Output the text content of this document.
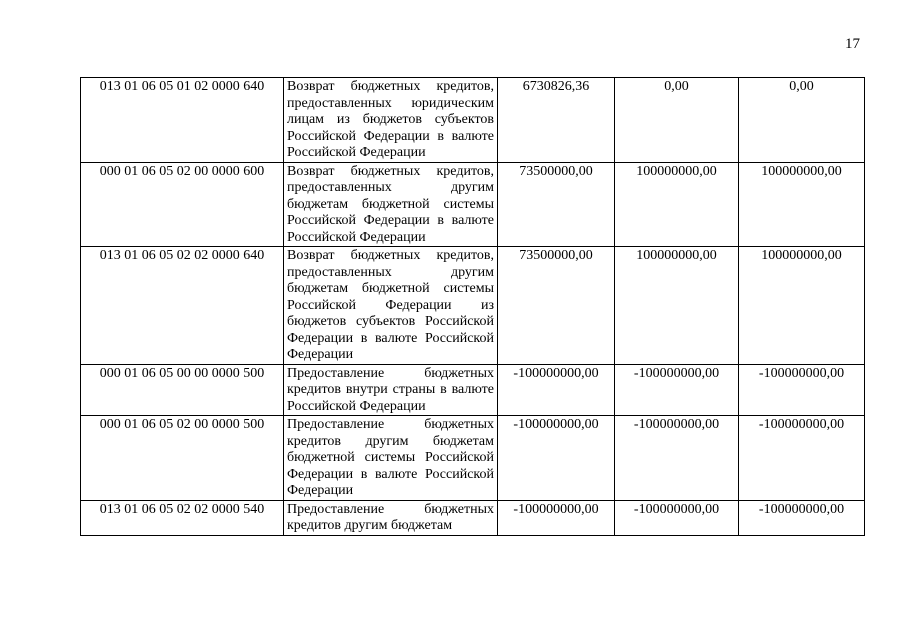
17
013 01 06 05 01 02 0000 640	Возврат бюджетных кредитов, предоставленных юридическим лицам из бюджетов субъектов Российской Федерации в валюте Российской Федерации	6730826,36	0,00	0,00
000 01 06 05 02 00 0000 600	Возврат бюджетных кредитов, предоставленных другим бюджетам бюджетной системы Российской Федерации в валюте Российской Федерации	73500000,00	100000000,00	100000000,00
013 01 06 05 02 02 0000 640	Возврат бюджетных кредитов, предоставленных другим бюджетам бюджетной системы Российской Федерации из бюджетов субъектов Российской Федерации в валюте Российской Федерации	73500000,00	100000000,00	100000000,00
000 01 06 05 00 00 0000 500	Предоставление бюджетных кредитов внутри страны в валюте Российской Федерации	-100000000,00	-100000000,00	-100000000,00
000 01 06 05 02 00 0000 500	Предоставление бюджетных кредитов другим бюджетам бюджетной системы Российской Федерации в валюте Российской Федерации	-100000000,00	-100000000,00	-100000000,00
013 01 06 05 02 02 0000 540	Предоставление бюджетных кредитов другим бюджетам	-100000000,00	-100000000,00	-100000000,00
